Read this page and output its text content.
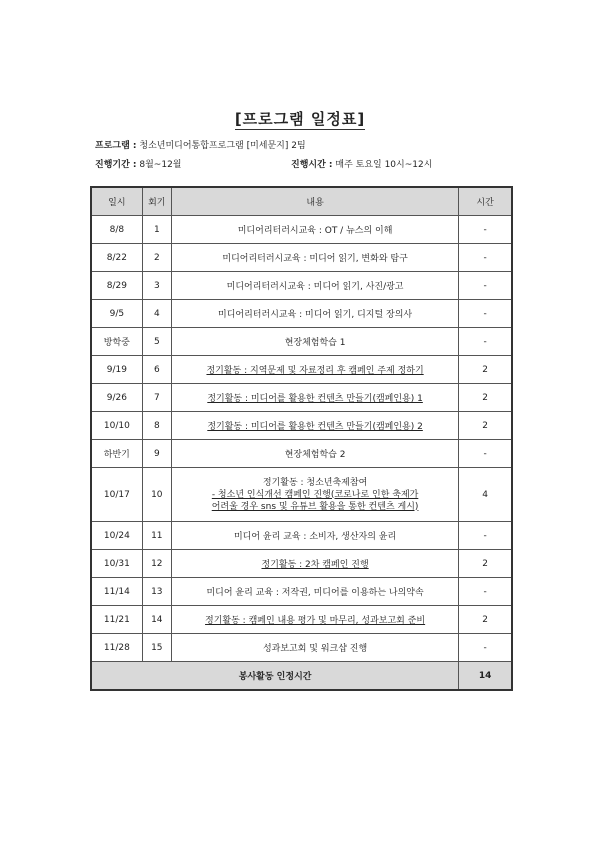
[프로그램 일정표]
프로그램 : 청소년미디어통합프로그램 [미세문지] 2팀
진행기간 : 8월~12월	진행시간 : 매주 토요일 10시~12시
일시	회기	내용	시간
8/8	1	미디어리터러시교육 : OT / 뉴스의 이해	-
8/22	2	미디어리터러시교육 : 미디어 읽기, 변화와 탐구	-
8/29	3	미디어리터러시교육 : 미디어 읽기, 사진/광고	-
9/5	4	미디어리터러시교육 : 미디어 읽기, 디지털 장의사	-
방학중	5	현장체험학습 1	-
9/19	6	정기활동 : 지역문제 및 자료정리 후 캠페인 주제 정하기	2
9/26	7	정기활동 : 미디어를 활용한 컨텐츠 만들기(캠페인용) 1	2
10/10	8	정기활동 : 미디어를 활용한 컨텐츠 만들기(캠페인용) 2	2
하반기	9	현장체험학습 2	-
10/17	10	정기활동 : 청소년축제참여
- 청소년 인식개선 캠페인 진행(코로나로 인한 축제가
어려울 경우 sns 및 유튜브 활용을 통한 컨텐츠 게시)	4
10/24	11	미디어 윤리 교육 : 소비자, 생산자의 윤리	-
10/31	12	정기활동 : 2차 캠페인 진행	2
11/14	13	미디어 윤리 교육 : 저작권, 미디어를 이용하는 나의약속	-
11/21	14	정기활동 : 캠페인 내용 평가 및 마무리, 성과보고회 준비	2
11/28	15	성과보고회 및 워크샵 진행	-
봉사활동 인정시간			14
